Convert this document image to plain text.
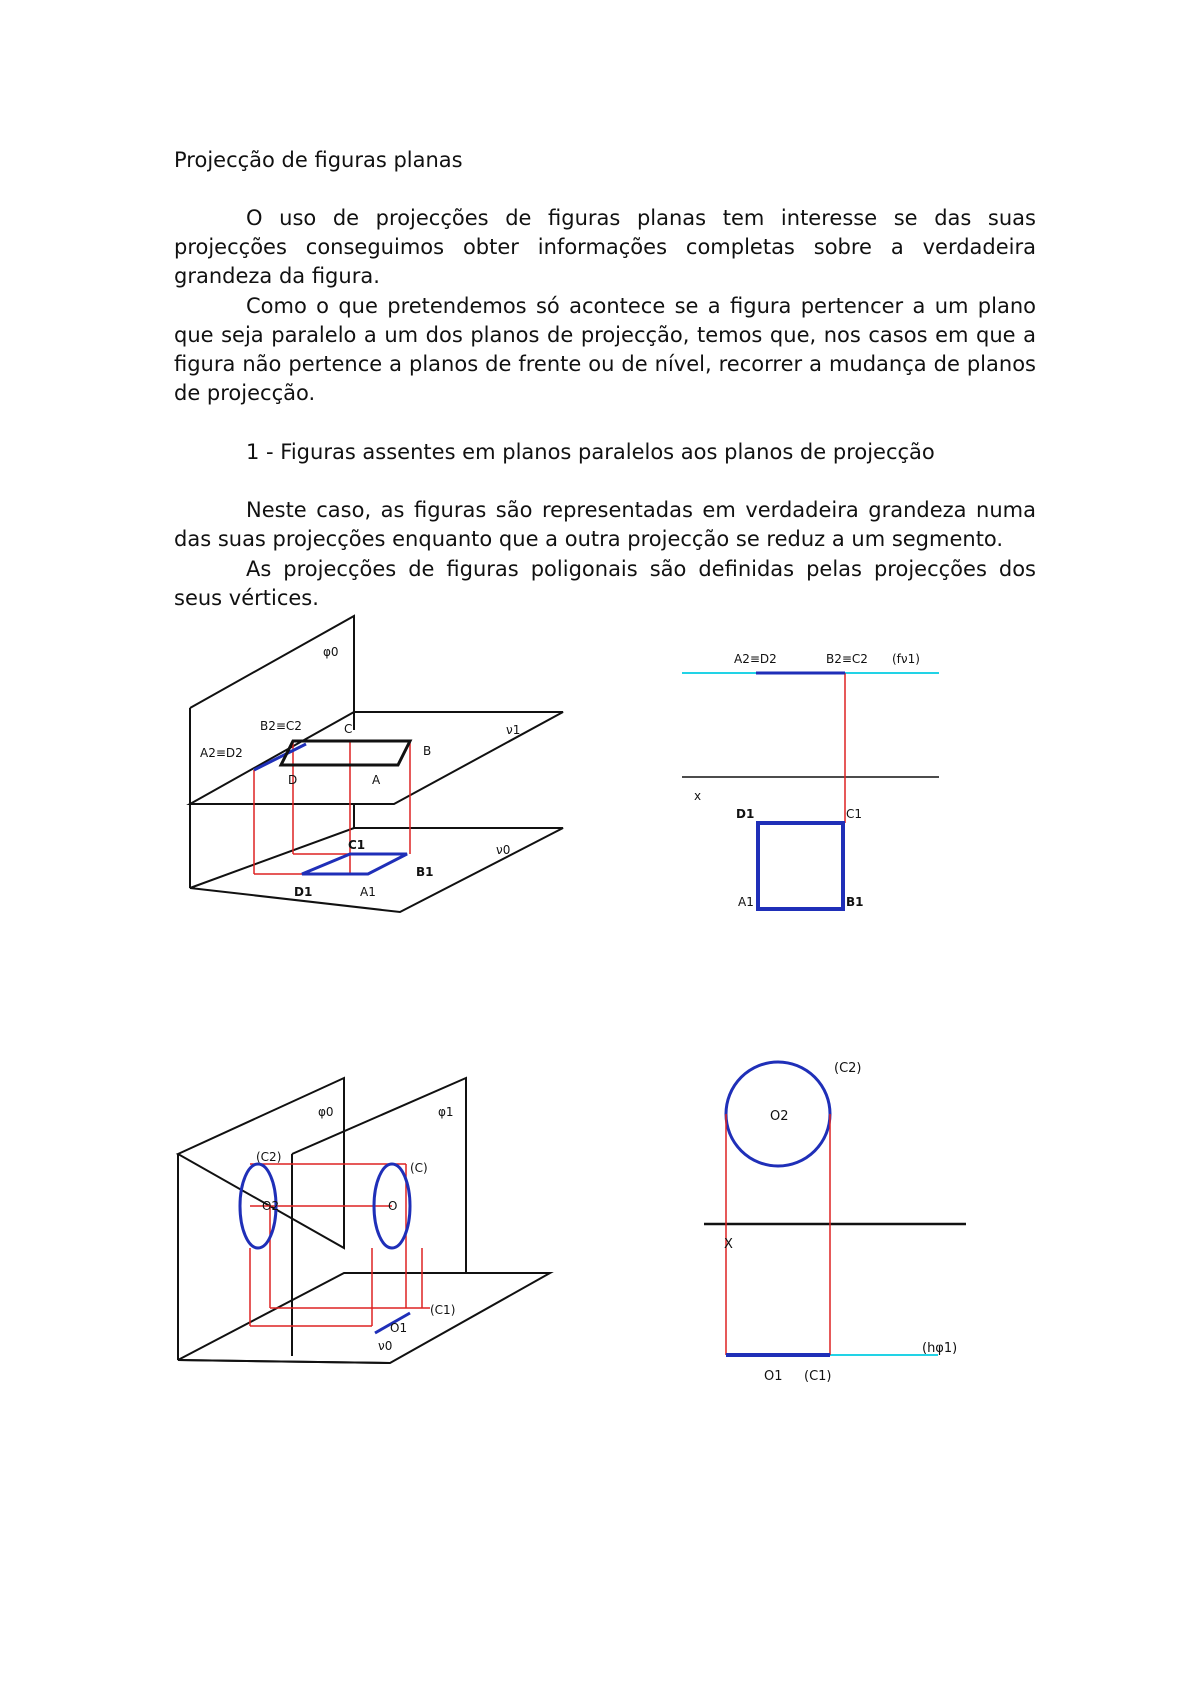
Projecção de figuras planas

O uso de projecções de figuras planas tem interesse se das suas projecções conseguimos obter informações completas sobre a verdadeira grandeza da figura.

Como o que pretendemos só acontece se a figura pertencer a um plano que seja paralelo a um dos planos de projecção, temos que, nos casos em que a figura não pertence a planos de frente ou de nível, recorrer a mudança de planos de projecção.

1 - Figuras assentes em planos paralelos aos planos de projecção

Neste caso, as figuras são representadas em verdadeira grandeza numa das suas projecções enquanto que a outra projecção se reduz a um segmento.

As projecções de figuras poligonais são definidas pelas projecções dos seus vértices.

φ0
ν1
ν0
A2≡D2
B2≡C2	C
B
D	A
C1
B1
D1	A1
A2≡D2	B2≡C2 (fν1)
x
D1	C1
A1	B1
φ0	φ1
(C2)
(C)
O2	O
(C1)
O1
ν0
(C2)
O2
X
(hφ1)
O1 (C1)
